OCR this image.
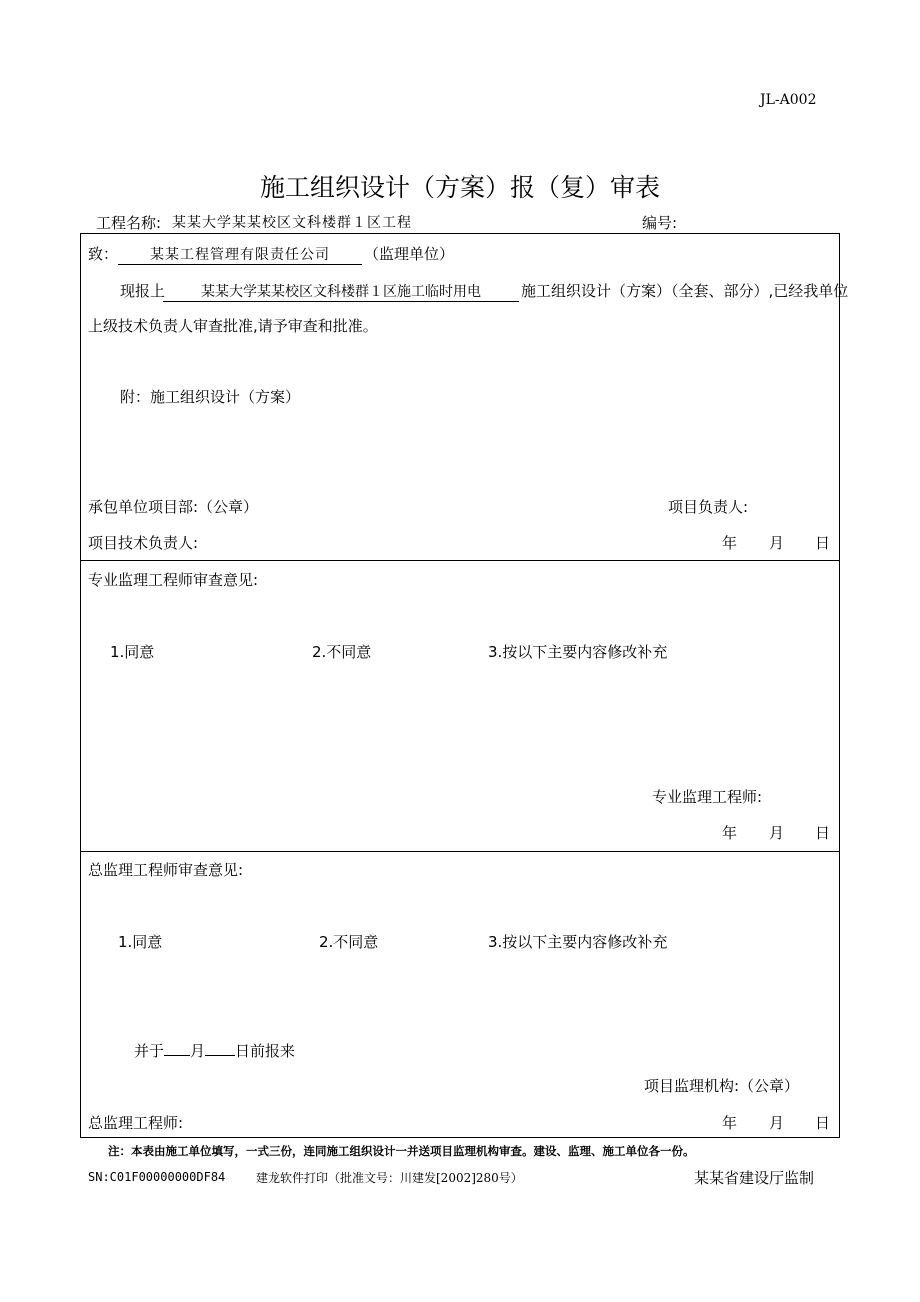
JL-A002
施工组织设计（方案）报（复）审表
工程名称: 某某大学某某校区文科楼群１区工程	编号:
致：	某某工程管理有限责任公司	（监理单位）
现报上	某某大学某某校区文科楼群１区施工临时用电	施工组织设计（方案）（全套、部分）,已经我单位
上级技术负责人审查批准,请予审查和批准。
附：施工组织设计（方案）
承包单位项目部:（公章）	项目负责人:
项目技术负责人:	年 月 日
专业监理工程师审查意见:
1.同意	2.不同意	3.按以下主要内容修改补充
专业监理工程师:
年 月 日
总监理工程师审查意见:
1.同意	2.不同意	3.按以下主要内容修改补充
并于 月 日前报来
项目监理机构:（公章）
总监理工程师:	年 月 日
注：本表由施工单位填写，一式三份，连同施工组织设计一并送项目监理机构审查。建设、监理、施工单位各一份。
SN:C01F00000000DF84	建龙软件打印（批准文号：川建发[2002]280号）	某某省建设厅监制
